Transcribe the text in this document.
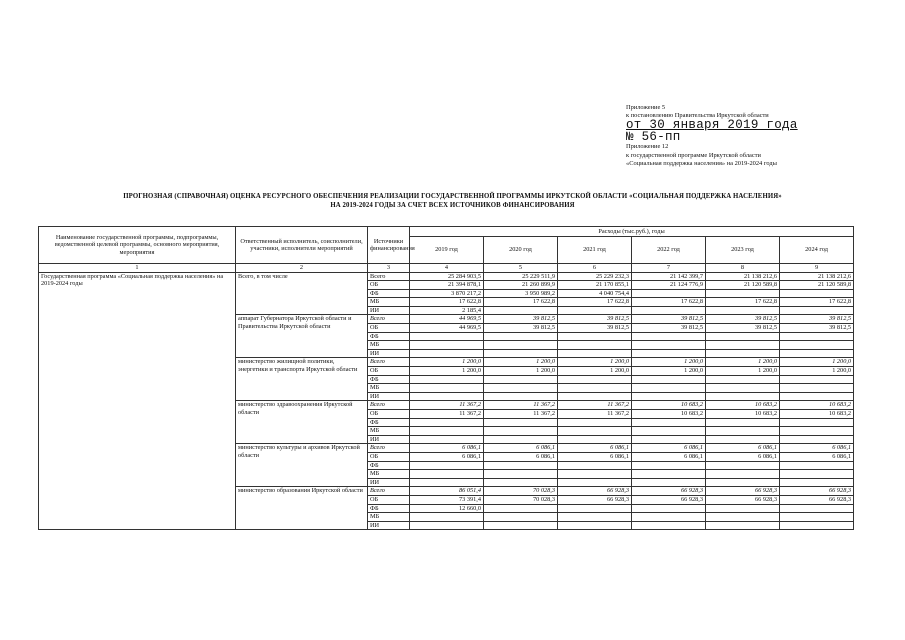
Приложение 5
к постановлению Правительства Иркутской области
от 30 января 2019 года
№ 56-пп
Приложение 12
к государственной программе Иркутской области
«Социальная поддержка населения» на 2019-2024 годы
ПРОГНОЗНАЯ (СПРАВОЧНАЯ) ОЦЕНКА РЕСУРСНОГО ОБЕСПЕЧЕНИЯ РЕАЛИЗАЦИИ ГОСУДАРСТВЕННОЙ ПРОГРАММЫ ИРКУТСКОЙ ОБЛАСТИ «СОЦИАЛЬНАЯ ПОДДЕРЖКА НАСЕЛЕНИЯ»
НА 2019-2024 ГОДЫ ЗА СЧЕТ ВСЕХ ИСТОЧНИКОВ ФИНАНСИРОВАНИЯ
Наименование государственной программы, подпрограммы, ведомственной целевой программы, основного мероприятия, мероприятия	Ответственный исполнитель, соисполнители, участники, исполнители мероприятий	Источники финансирования	Расходы (тыс.руб.), годы					
			2019 год	2020 год	2021 год	2022 год	2023 год	2024 год
1	2	3	4	5	6	7	8	9
Государственная программа «Социальная поддержка населения» на 2019-2024 годы	Всего, в том числе	Всего	25 284 903,5	25 229 511,9	25 229 232,3	21 142 399,7	21 138 212,6	21 138 212,6
		ОБ	21 394 878,1	21 260 899,9	21 170 855,1	21 124 776,9	21 120 589,8	21 120 589,8
		ФБ	3 870 217,2	3 950 989,2	4 040 754,4			
		МБ	17 622,8	17 622,8	17 622,8	17 622,8	17 622,8	17 622,8
		ИИ	2 185,4					
	аппарат Губернатора Иркутской области и Правительства Иркутской области	Всего	44 969,5	39 812,5	39 812,5	39 812,5	39 812,5	39 812,5
		ОБ	44 969,5	39 812,5	39 812,5	39 812,5	39 812,5	39 812,5
		ФБ						
		МБ						
		ИИ						
	министерство жилищной политики, энергетики и транспорта Иркутской области	Всего	1 200,0	1 200,0	1 200,0	1 200,0	1 200,0	1 200,0
		ОБ	1 200,0	1 200,0	1 200,0	1 200,0	1 200,0	1 200,0
		ФБ						
		МБ						
		ИИ						
	министерство здравоохранения Иркутской области	Всего	11 367,2	11 367,2	11 367,2	10 683,2	10 683,2	10 683,2
		ОБ	11 367,2	11 367,2	11 367,2	10 683,2	10 683,2	10 683,2
		ФБ						
		МБ						
		ИИ						
	министерство культуры и архивов Иркутской области	Всего	6 086,1	6 086,1	6 086,1	6 086,1	6 086,1	6 086,1
		ОБ	6 086,1	6 086,1	6 086,1	6 086,1	6 086,1	6 086,1
		ФБ						
		МБ						
		ИИ						
	министерство образования Иркутской области	Всего	86 051,4	70 028,3	66 928,3	66 928,3	66 928,3	66 928,3
		ОБ	73 391,4	70 028,3	66 928,3	66 928,3	66 928,3	66 928,3
		ФБ	12 660,0					
		МБ						
		ИИ						
